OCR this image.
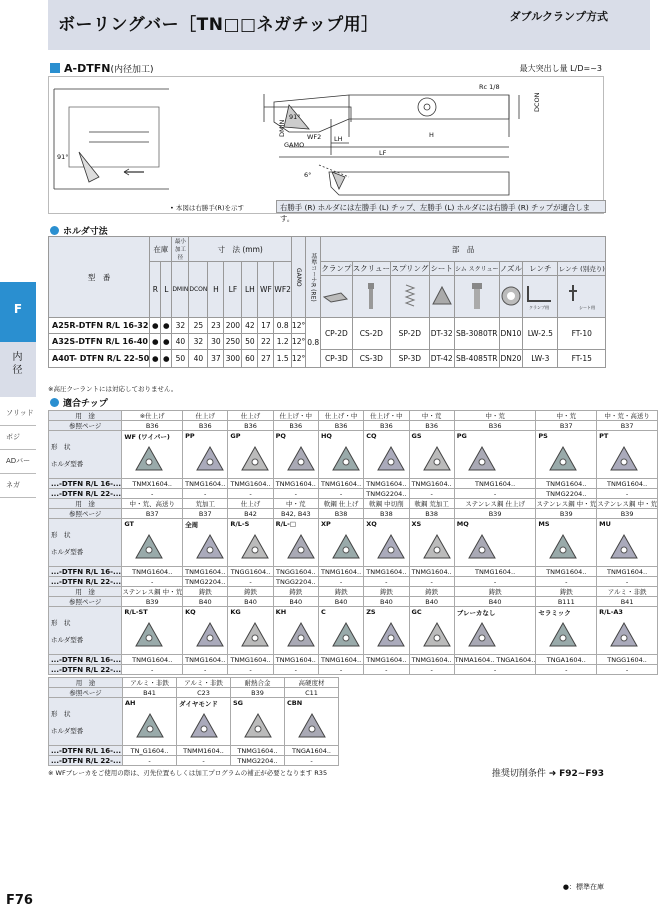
ボーリングバー［TN□□ネガチップ用］	ダブルクランプ方式
F
内径
ソリッド
ボジ
ADバー
ネガ
A-DTFN(内径加工)	最大突出し量 L/D=~3
Rc 1/8
DCON
DMIN
91°
WF2 LH
GAMO
LF
H
6°
91°
• 本図は右勝手(R)を示す	右勝手 (R) ホルダには左勝手 (L) チップ、左勝手 (L) ホルダには右勝手 (R) チップが適合します。
ホルダ寸法
型　番	在庫		最小加工径	寸　法 (mm)						GAMO	基準コーナR (RE)	部　品							
	R	L	DMIN	DCON	H	LF	LH	WF	WF2			クランプ	スクリュー	スプリング	シート	シム スクリュー	ノズル	レンチ	レンチ (別売り)

クランプ用	シート用

A25R-DTFN R/L 16-32	●	●	32	25	23	200	42	17	0.8	12°	0.8	CP-2D	CS-2D	SP-2D	DT-32	SB-3080TR	DN10	LW-2.5	FT-10
A32S-DTFN R/L 16-40	●	●	40	32	30	250	50	22	1.2	12°									
A40T- DTFN R/L 22-50	●	●	50	40	37	300	60	27	1.5	12°		CP-3D	CS-3D	SP-3D	DT-42	SB-4085TR	DN20	LW-3	FT-15
※高圧クーラントには対応しておりません。
適合チップ
用　途	※仕上げ	仕上げ	仕上げ	仕上げ・中	仕上げ・中	仕上げ・中	中・荒	中・荒	中・荒	中・荒・高送り
参照ページ	B36	B36	B36	B36	B36	B36	B36	B36	B37	B37
形　状

ホルダ型番	WF (ワイパー)	PP	GP	PQ	HQ	CQ	GS	PG	PS	PT

...-DTFN R/L 16-...	TNMX1604..	TNMG1604..	TNMG1604..	TNMG1604..	TNMG1604..	TNMG1604..	TNMG1604..	TNMG1604..	TNMG1604..	TNMG1604..
...-DTFN R/L 22-...	-	-	-	-	-	TNMG2204..	-	-	TNMG2204..	-
用　途	中・荒、高送り	荒加工	仕上げ	中・荒	軟鋼 仕上げ	軟鋼 中切削	軟鋼 荒加工	ステンレス鋼 仕上げ	ステンレス鋼 中・荒	ステンレス鋼 中・荒
参照ページ	B37	B37	B42	B42, B43	B38	B38	B38	B39	B39	B39
形　状

ホルダ型番	GT	全周	R/L-S	R/L-□	XP	XQ	XS	MQ	MS	MU

...-DTFN R/L 16-...	TNMG1604..	TNMG1604..	TNGG1604..	TNGG1604..	TNMG1604..	TNMG1604..	TNMG1604..	TNMG1604..	TNMG1604..	TNMG1604..
...-DTFN R/L 22-...	-	TNMG2204..	-	TNGG2204..	-	-	-	-	-	-
用　途	ステンレス鋼 中・荒	鋳鉄	鋳鉄	鋳鉄	鋳鉄	鋳鉄	鋳鉄	鋳鉄	鋳鉄	アルミ・非鉄
参照ページ	B39	B40	B40	B40	B40	B40	B40	B40	B111	B41
形　状

ホルダ型番	R/L-ST	KQ	KG	KH	C	ZS	GC	ブレーカなし	セラミック	R/L-A3

...-DTFN R/L 16-...	TNMG1604..	TNMG1604..	TNMG1604..	TNMG1604..	TNMG1604..	TNMG1604..	TNMG1604..	TNMA1604.. TNGA1604..	TNGA1604..	TNGG1604..
...-DTFN R/L 22-...	-	-	-	-	-	-	-	-	-	-
用　途	アルミ・非鉄	アルミ・非鉄	耐熱合金	高硬度材
参照ページ	B41	C23	B39	C11
形　状

ホルダ型番	AH	ダイヤモンド	SG	CBN

...-DTFN R/L 16-...	TN_G1604..	TNMM1604..	TNMG1604..	TNGA1604..
...-DTFN R/L 22-...	-	-	TNMG2204..	-
※ WFブレーカをご使用の際は、刃先位置もしくは加工プログラムの補正が必要となります R35	推奨切削条件 ➜ F92~F93
●：標準在庫
F76
